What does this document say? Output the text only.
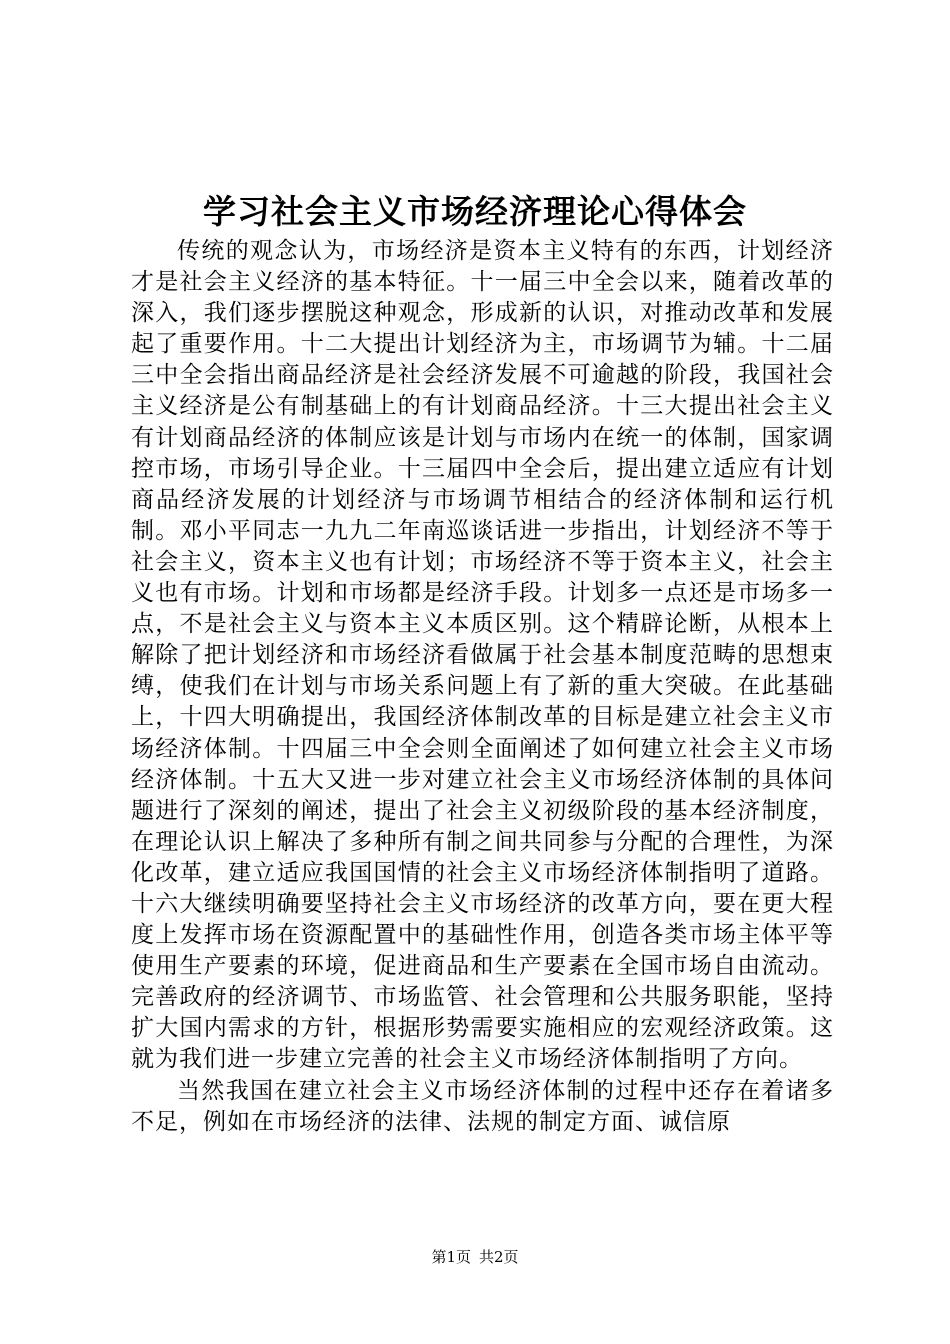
学习社会主义市场经济理论心得体会

传统的观念认为，市场经济是资本主义特有的东西，计划经济才是社会主义经济的基本特征。十一届三中全会以来，随着改革的深入，我们逐步摆脱这种观念，形成新的认识，对推动改革和发展起了重要作用。十二大提出计划经济为主，市场调节为辅。十二届三中全会指出商品经济是社会经济发展不可逾越的阶段，我国社会主义经济是公有制基础上的有计划商品经济。十三大提出社会主义有计划商品经济的体制应该是计划与市场内在统一的体制，国家调控市场，市场引导企业。十三届四中全会后，提出建立适应有计划商品经济发展的计划经济与市场调节相结合的经济体制和运行机制。邓小平同志一九九二年南巡谈话进一步指出，计划经济不等于社会主义，资本主义也有计划；市场经济不等于资本主义，社会主义也有市场。计划和市场都是经济手段。计划多一点还是市场多一点，不是社会主义与资本主义本质区别。这个精辟论断，从根本上解除了把计划经济和市场经济看做属于社会基本制度范畴的思想束缚，使我们在计划与市场关系问题上有了新的重大突破。在此基础上，十四大明确提出，我国经济体制改革的目标是建立社会主义市场经济体制。十四届三中全会则全面阐述了如何建立社会主义市场经济体制。十五大又进一步对建立社会主义市场经济体制的具体问题进行了深刻的阐述，提出了社会主义初级阶段的基本经济制度，在理论认识上解决了多种所有制之间共同参与分配的合理性，为深化改革，建立适应我国国情的社会主义市场经济体制指明了道路。十六大继续明确要坚持社会主义市场经济的改革方向，要在更大程度上发挥市场在资源配置中的基础性作用，创造各类市场主体平等使用生产要素的环境，促进商品和生产要素在全国市场自由流动。完善政府的经济调节、市场监管、社会管理和公共服务职能，坚持扩大国内需求的方针，根据形势需要实施相应的宏观经济政策。这就为我们进一步建立完善的社会主义市场经济体制指明了方向。

当然我国在建立社会主义市场经济体制的过程中还存在着诸多不足，例如在市场经济的法律、法规的制定方面、诚信原

第1页 共2页
